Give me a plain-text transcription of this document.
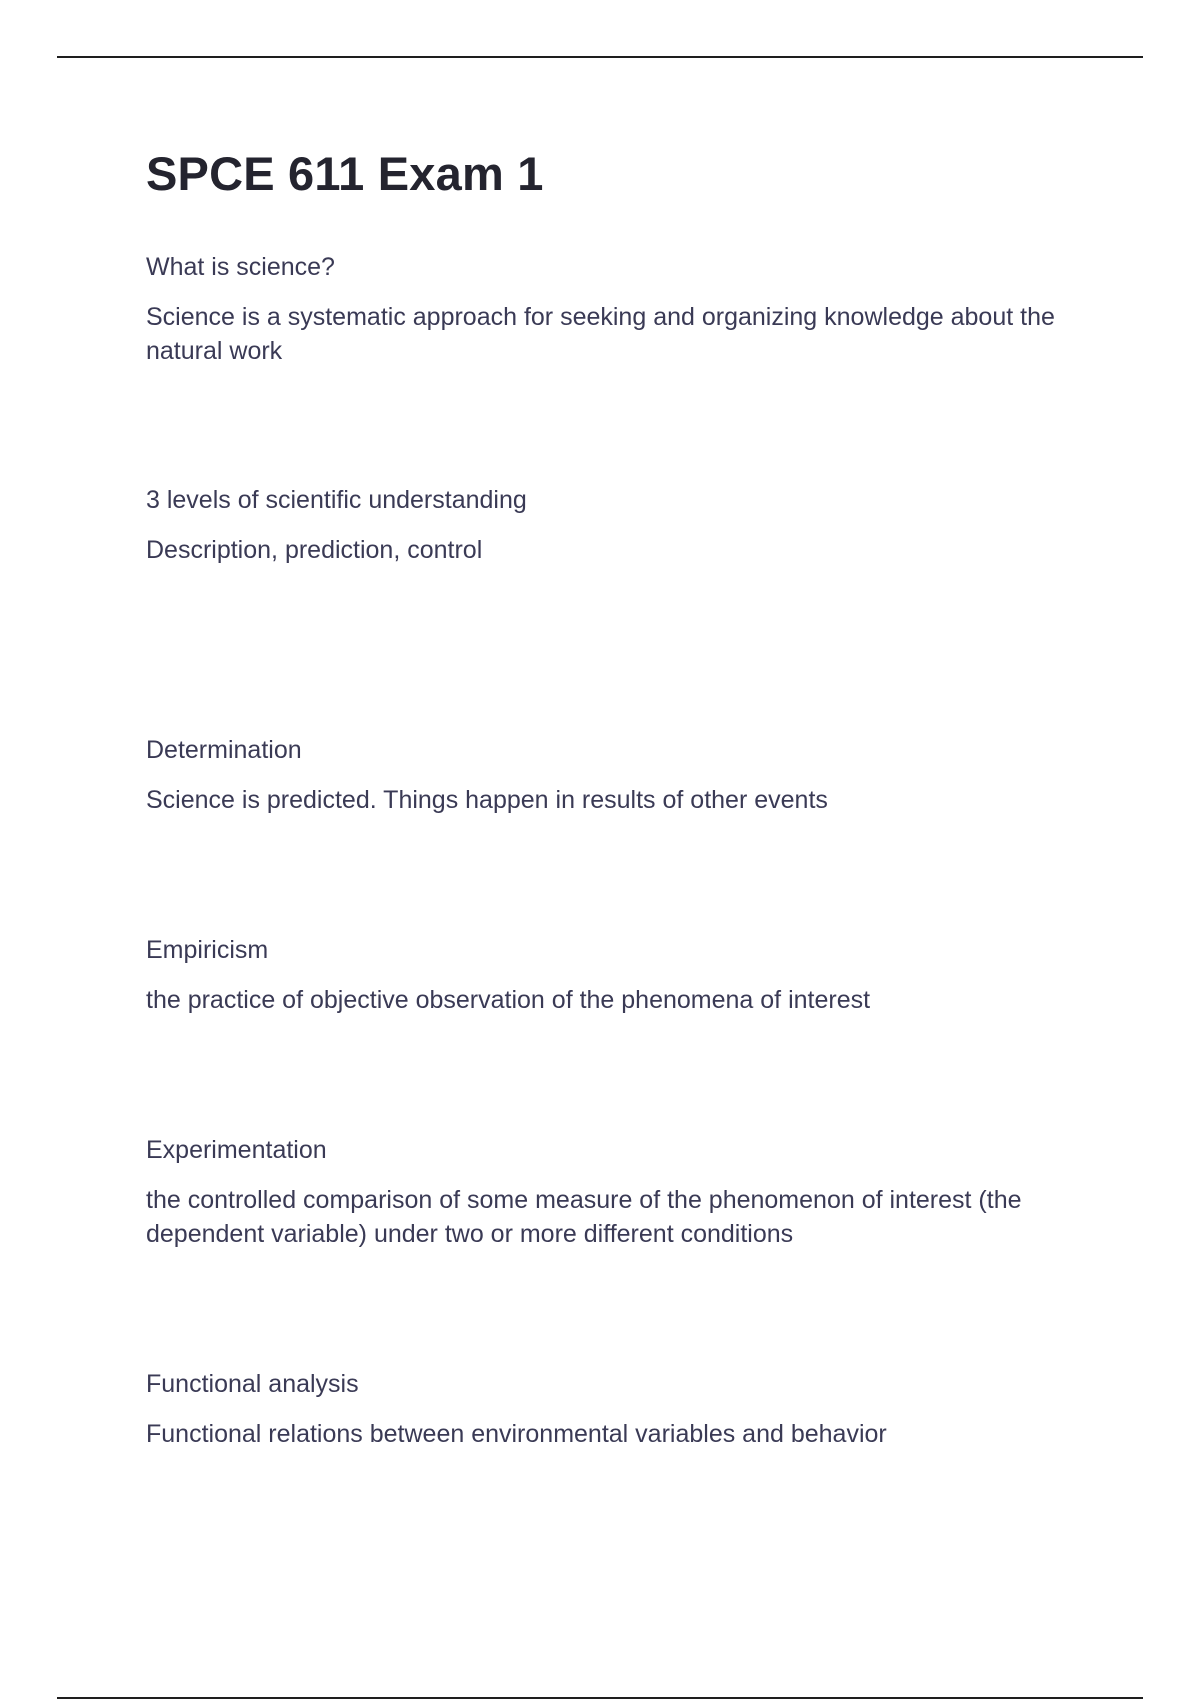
SPCE 611 Exam 1
What is science?
Science is a systematic approach for seeking and organizing knowledge about the natural work
3 levels of scientific understanding
Description, prediction, control
Determination
Science is predicted. Things happen in results of other events
Empiricism
the practice of objective observation of the phenomena of interest
Experimentation
the controlled comparison of some measure of the phenomenon of interest (the dependent variable) under two or more different conditions
Functional analysis
Functional relations between environmental variables and behavior
